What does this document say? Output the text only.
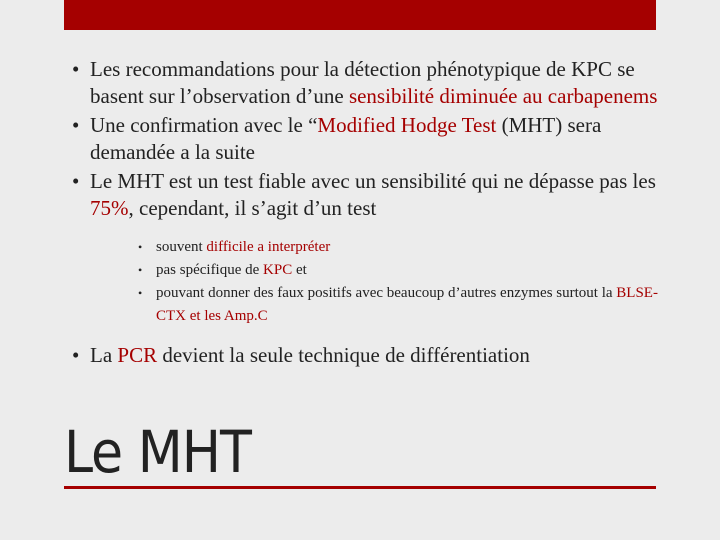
• Les recommandations pour la détection phénotypique de KPC se basent sur l’observation d’une sensibilité diminuée au carbapenems
• Une confirmation avec le “Modified Hodge Test (MHT) sera demandée a la suite
• Le MHT est un test fiable avec un sensibilité qui ne dépasse pas les 75%, cependant, il s’agit d’un test
• souvent difficile a interpréter
• pas spécifique de KPC et
• pouvant donner des faux positifs avec beaucoup d’autres enzymes surtout la BLSE-CTX et les Amp.C
• La PCR devient la seule technique de différentiation
Le MHT
